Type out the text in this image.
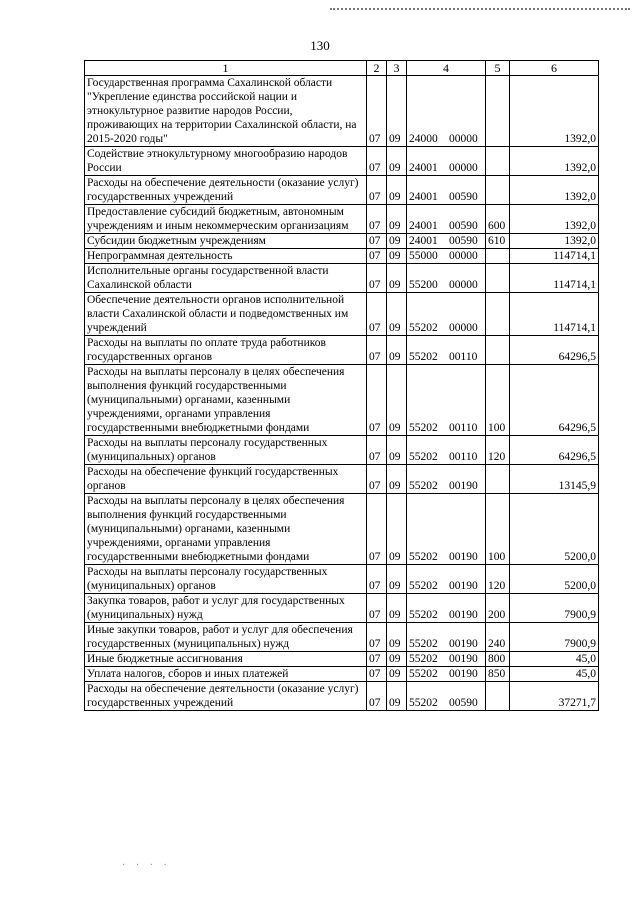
130
1	2	3	4	5	6
Государственная программа Сахалинской области "Укрепление единства российской нации и этнокультурное развитие народов России, проживающих на территории Сахалинской области, на 2015-2020 годы"	07	09	24000 00000		1392,0
Содействие этнокультурному многообразию народов России	07	09	24001 00000		1392,0
Расходы на обеспечение деятельности (оказание услуг) государственных учреждений	07	09	24001 00590		1392,0
Предоставление субсидий бюджетным, автономным учреждениям и иным некоммерческим организациям	07	09	24001 00590	600	1392,0
Субсидии бюджетным учреждениям	07	09	24001 00590	610	1392,0
Непрограммная деятельность	07	09	55000 00000		114714,1
Исполнительные органы государственной власти Сахалинской области	07	09	55200 00000		114714,1
Обеспечение деятельности органов исполнительной власти Сахалинской области и подведомственных им учреждений	07	09	55202 00000		114714,1
Расходы на выплаты по оплате труда работников государственных органов	07	09	55202 00110		64296,5
Расходы на выплаты персоналу в целях обеспечения выполнения функций государственными (муниципальными) органами, казенными учреждениями, органами управления государственными внебюджетными фондами	07	09	55202 00110	100	64296,5
Расходы на выплаты персоналу государственных (муниципальных) органов	07	09	55202 00110	120	64296,5
Расходы на обеспечение функций государственных органов	07	09	55202 00190		13145,9
Расходы на выплаты персоналу в целях обеспечения выполнения функций государственными (муниципальными) органами, казенными учреждениями, органами управления государственными внебюджетными фондами	07	09	55202 00190	100	5200,0
Расходы на выплаты персоналу государственных (муниципальных) органов	07	09	55202 00190	120	5200,0
Закупка товаров, работ и услуг для государственных (муниципальных) нужд	07	09	55202 00190	200	7900,9
Иные закупки товаров, работ и услуг для обеспечения государственных (муниципальных) нужд	07	09	55202 00190	240	7900,9
Иные бюджетные ассигнования	07	09	55202 00190	800	45,0
Уплата налогов, сборов и иных платежей	07	09	55202 00190	850	45,0
Расходы на обеспечение деятельности (оказание услуг) государственных учреждений	07	09	55202 00590		37271,7
· · · ·
